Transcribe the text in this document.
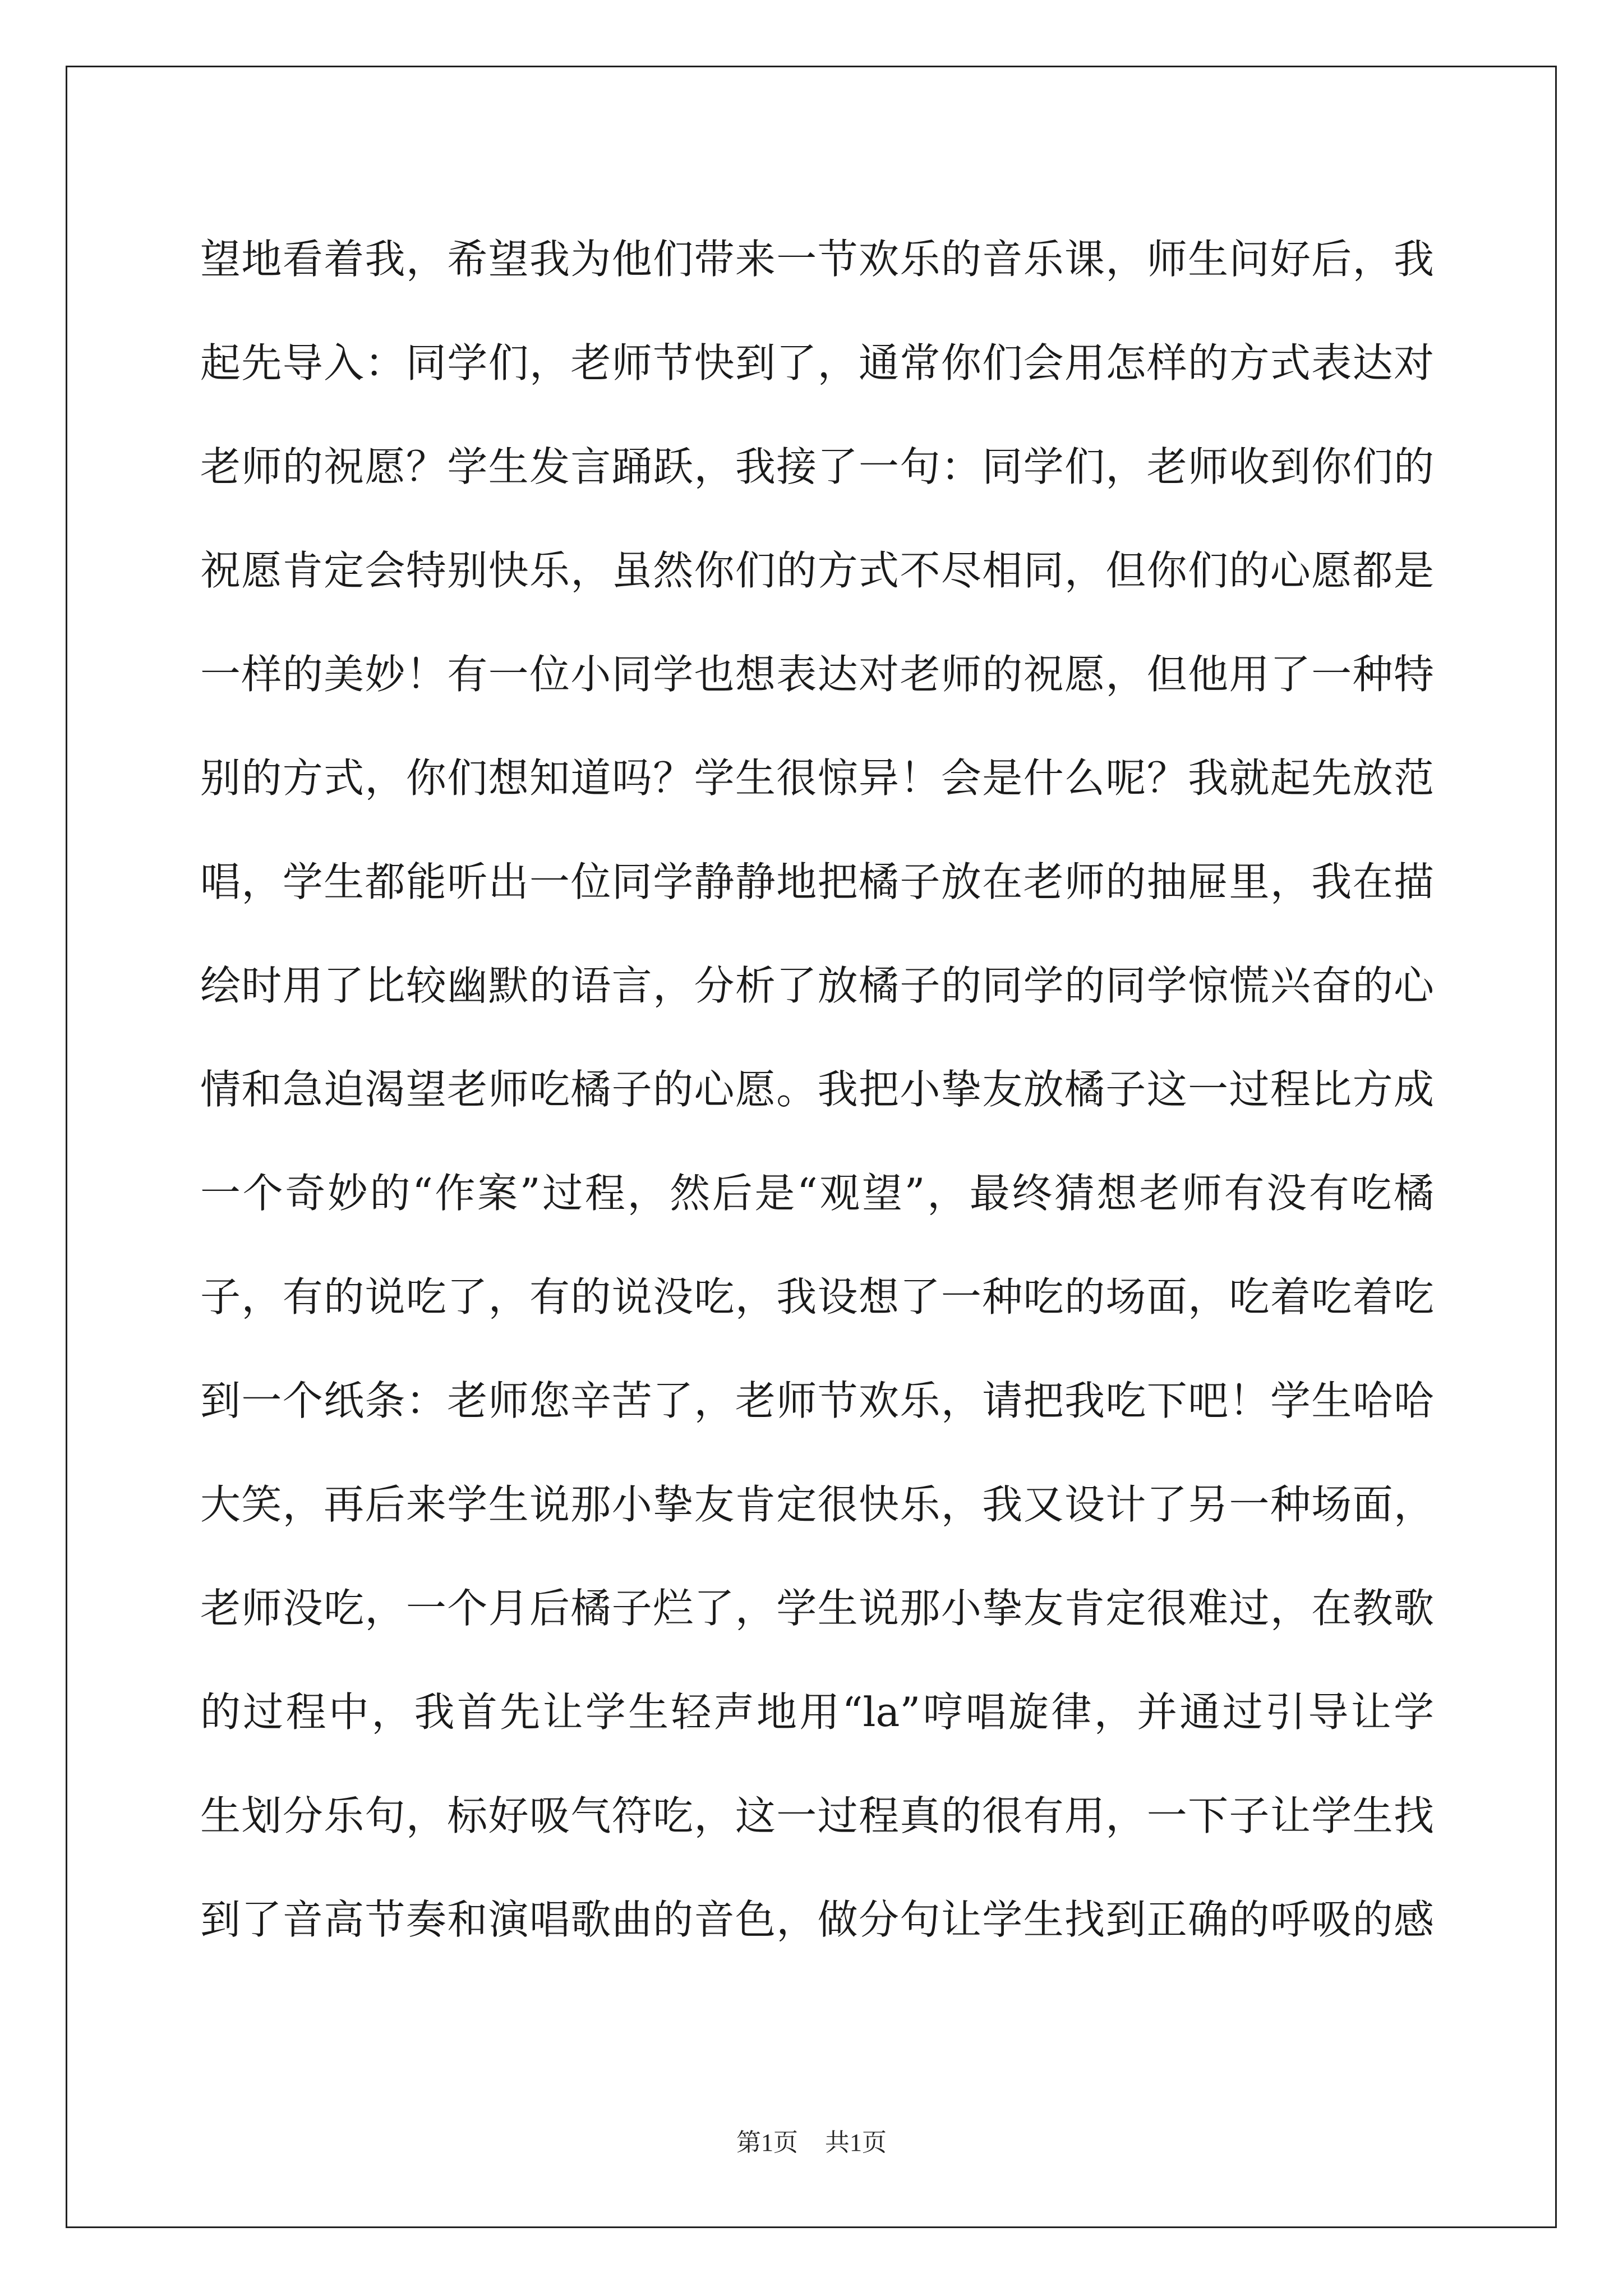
望地看着我，希望我为他们带来一节欢乐的音乐课，师生问好后，我
起先导入：同学们，老师节快到了，通常你们会用怎样的方式表达对
老师的祝愿？学生发言踊跃，我接了一句：同学们，老师收到你们的
祝愿肯定会特别快乐，虽然你们的方式不尽相同，但你们的心愿都是
一样的美妙！有一位小同学也想表达对老师的祝愿，但他用了一种特
别的方式，你们想知道吗？学生很惊异！会是什么呢？我就起先放范
唱，学生都能听出一位同学静静地把橘子放在老师的抽屉里，我在描
绘时用了比较幽默的语言，分析了放橘子的同学的同学惊慌兴奋的心
情和急迫渴望老师吃橘子的心愿。我把小挚友放橘子这一过程比方成
一个奇妙的“作案”过程，然后是“观望”，最终猜想老师有没有吃橘
子，有的说吃了，有的说没吃，我设想了一种吃的场面，吃着吃着吃
到一个纸条：老师您辛苦了，老师节欢乐，请把我吃下吧！学生哈哈
大笑，再后来学生说那小挚友肯定很快乐，我又设计了另一种场面，
老师没吃，一个月后橘子烂了，学生说那小挚友肯定很难过，在教歌
的过程中，我首先让学生轻声地用“la”哼唱旋律，并通过引导让学
生划分乐句，标好吸气符吃，这一过程真的很有用，一下子让学生找
到了音高节奏和演唱歌曲的音色，做分句让学生找到正确的呼吸的感
第1页 共1页
